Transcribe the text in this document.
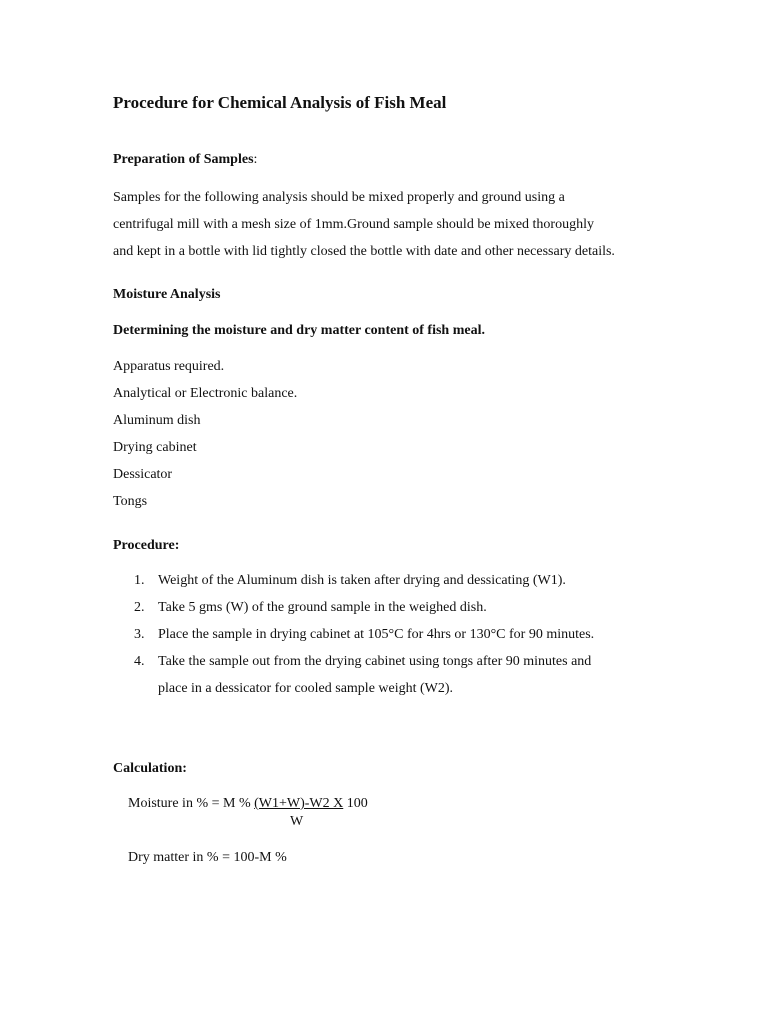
Procedure for Chemical Analysis of Fish Meal
Preparation of Samples:
Samples for the following analysis should be mixed properly and ground using a
centrifugal mill with a mesh size of 1mm.Ground sample should be mixed thoroughly
and kept in a bottle with lid tightly closed the bottle with date and other necessary details.
Moisture Analysis
Determining the moisture and dry matter content of fish meal.
Apparatus required.
Analytical or Electronic balance.
Aluminum dish
Drying cabinet
Dessicator
Tongs
Procedure:
1. Weight of the Aluminum dish is taken after drying and dessicating (W1).
2. Take 5 gms (W) of the ground sample in the weighed dish.
3. Place the sample in drying cabinet at 105°C for 4hrs or 130°C for 90 minutes.
4. Take the sample out from the drying cabinet using tongs after 90 minutes and
place in a dessicator for cooled sample weight (W2).
Calculation:
Moisture in % = M % (W1+W)-W2 X 100
W
Dry matter in % = 100-M %
